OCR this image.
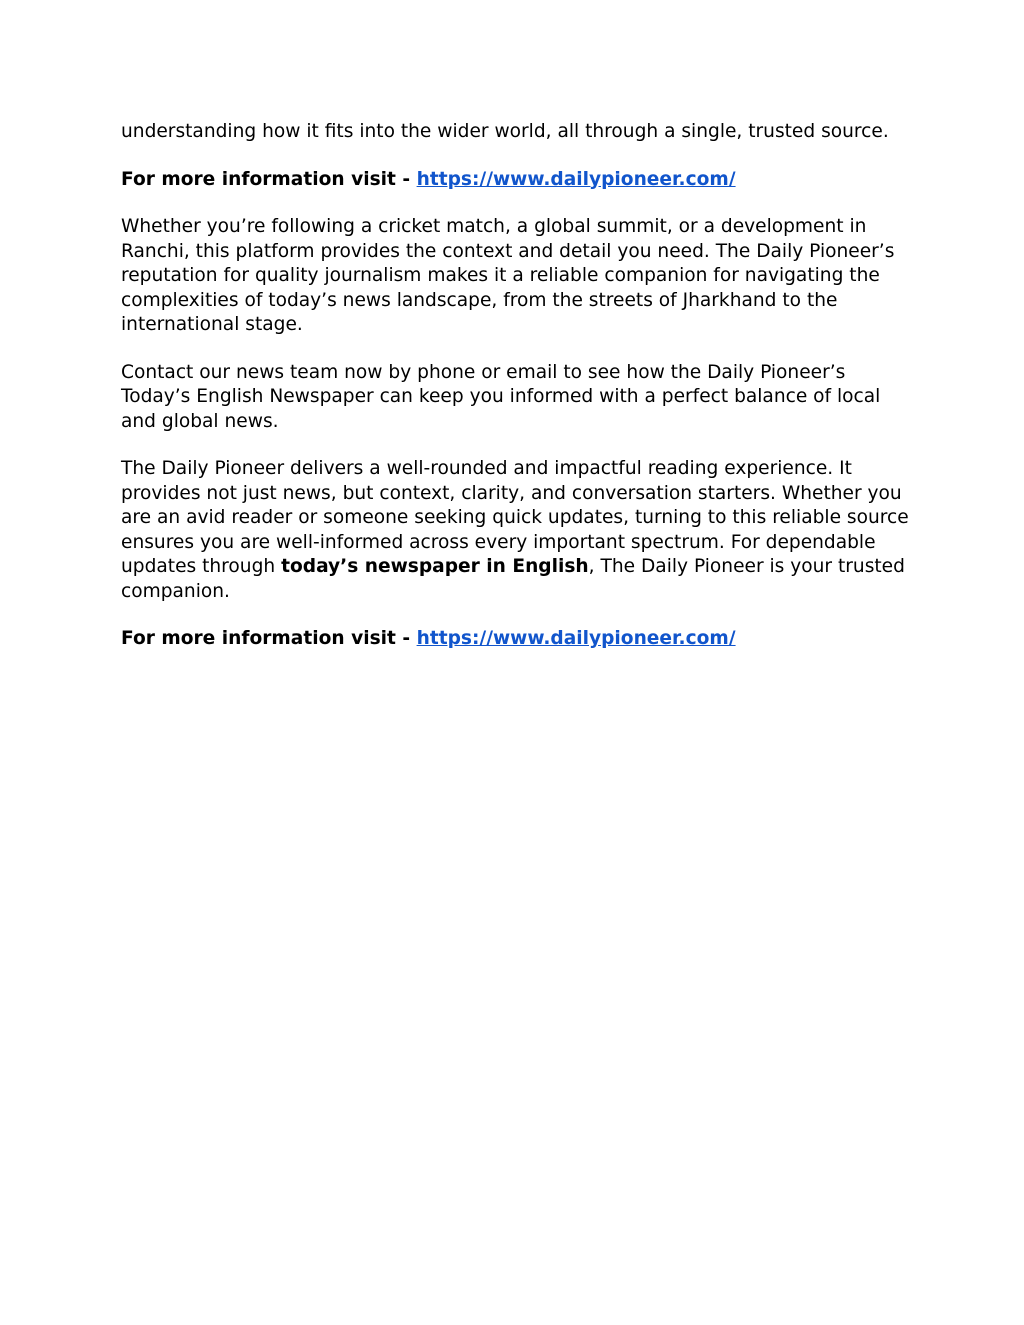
understanding how it fits into the wider world, all through a single, trusted source.

For more information visit - https://www.dailypioneer.com/

Whether you’re following a cricket match, a global summit, or a development in Ranchi, this platform provides the context and detail you need. The Daily Pioneer’s reputation for quality journalism makes it a reliable companion for navigating the complexities of today’s news landscape, from the streets of Jharkhand to the international stage.

Contact our news team now by phone or email to see how the Daily Pioneer’s Today’s English Newspaper can keep you informed with a perfect balance of local and global news.

The Daily Pioneer delivers a well-rounded and impactful reading experience. It provides not just news, but context, clarity, and conversation starters. Whether you are an avid reader or someone seeking quick updates, turning to this reliable source ensures you are well-informed across every important spectrum. For dependable updates through today’s newspaper in English, The Daily Pioneer is your trusted companion.

For more information visit - https://www.dailypioneer.com/
